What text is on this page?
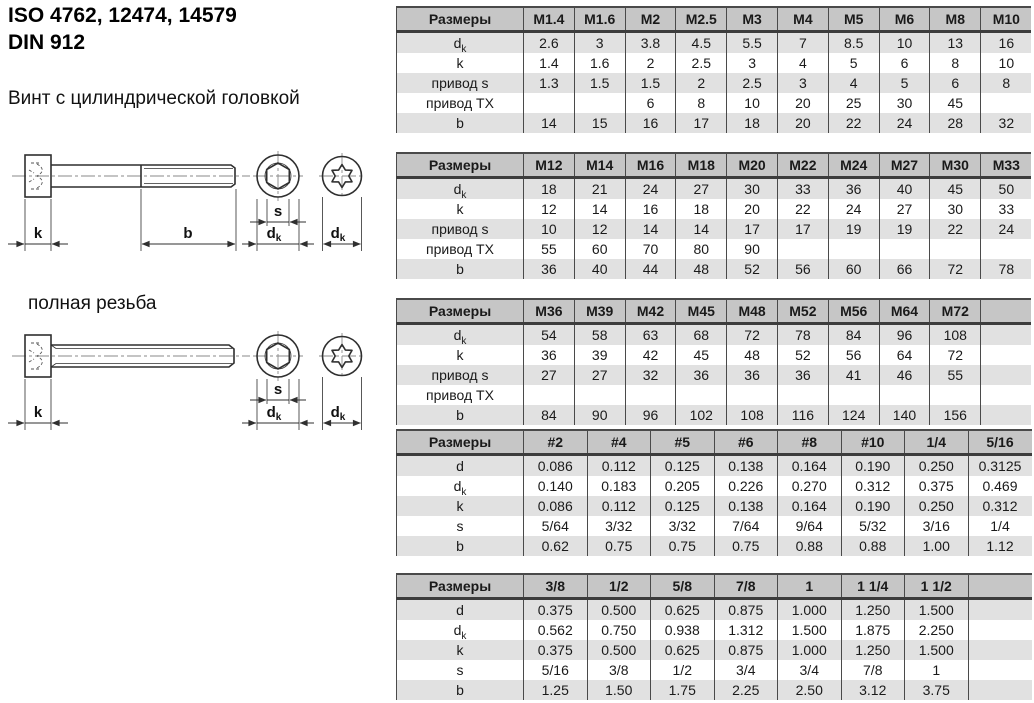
ISO 4762, 12474, 14579
DIN 912
Винт с цилиндрической головкой
полная резьба
k	b
s
$d_k$	$d_k$
k
s
$d_k$	$d_k$
Размеры	M1.4	M1.6	M2	M2.5	M3	M4	M5	M6	M8	M10
$d_k$	2.6	3	3.8	4.5	5.5	7	8.5	10	13	16
k	1.4	1.6	2	2.5	3	4	5	6	8	10
привод s	1.3	1.5	1.5	2	2.5	3	4	5	6	8
привод TX			6	8	10	20	25	30	45	
b	14	15	16	17	18	20	22	24	28	32
Размеры	M12	M14	M16	M18	M20	M22	M24	M27	M30	M33
$d_k$	18	21	24	27	30	33	36	40	45	50
k	12	14	16	18	20	22	24	27	30	33
привод s	10	12	14	14	17	17	19	19	22	24
привод TX	55	60	70	80	90					
b	36	40	44	48	52	56	60	66	72	78
Размеры	M36	M39	M42	M45	M48	M52	M56	M64	M72	
$d_k$	54	58	63	68	72	78	84	96	108	
k	36	39	42	45	48	52	56	64	72	
привод s	27	27	32	36	36	36	41	46	55	
привод TX										
b	84	90	96	102	108	116	124	140	156	
Размеры	#2	#4	#5	#6	#8	#10	1/4	5/16
d	0.086	0.112	0.125	0.138	0.164	0.190	0.250	0.3125
$d_k$	0.140	0.183	0.205	0.226	0.270	0.312	0.375	0.469
k	0.086	0.112	0.125	0.138	0.164	0.190	0.250	0.312
s	5/64	3/32	3/32	7/64	9/64	5/32	3/16	1/4
b	0.62	0.75	0.75	0.75	0.88	0.88	1.00	1.12
Размеры	3/8	1/2	5/8	7/8	1	1 1/4	1 1/2	
d	0.375	0.500	0.625	0.875	1.000	1.250	1.500	
$d_k$	0.562	0.750	0.938	1.312	1.500	1.875	2.250	
k	0.375	0.500	0.625	0.875	1.000	1.250	1.500	
s	5/16	3/8	1/2	3/4	3/4	7/8	1	
b	1.25	1.50	1.75	2.25	2.50	3.12	3.75	
